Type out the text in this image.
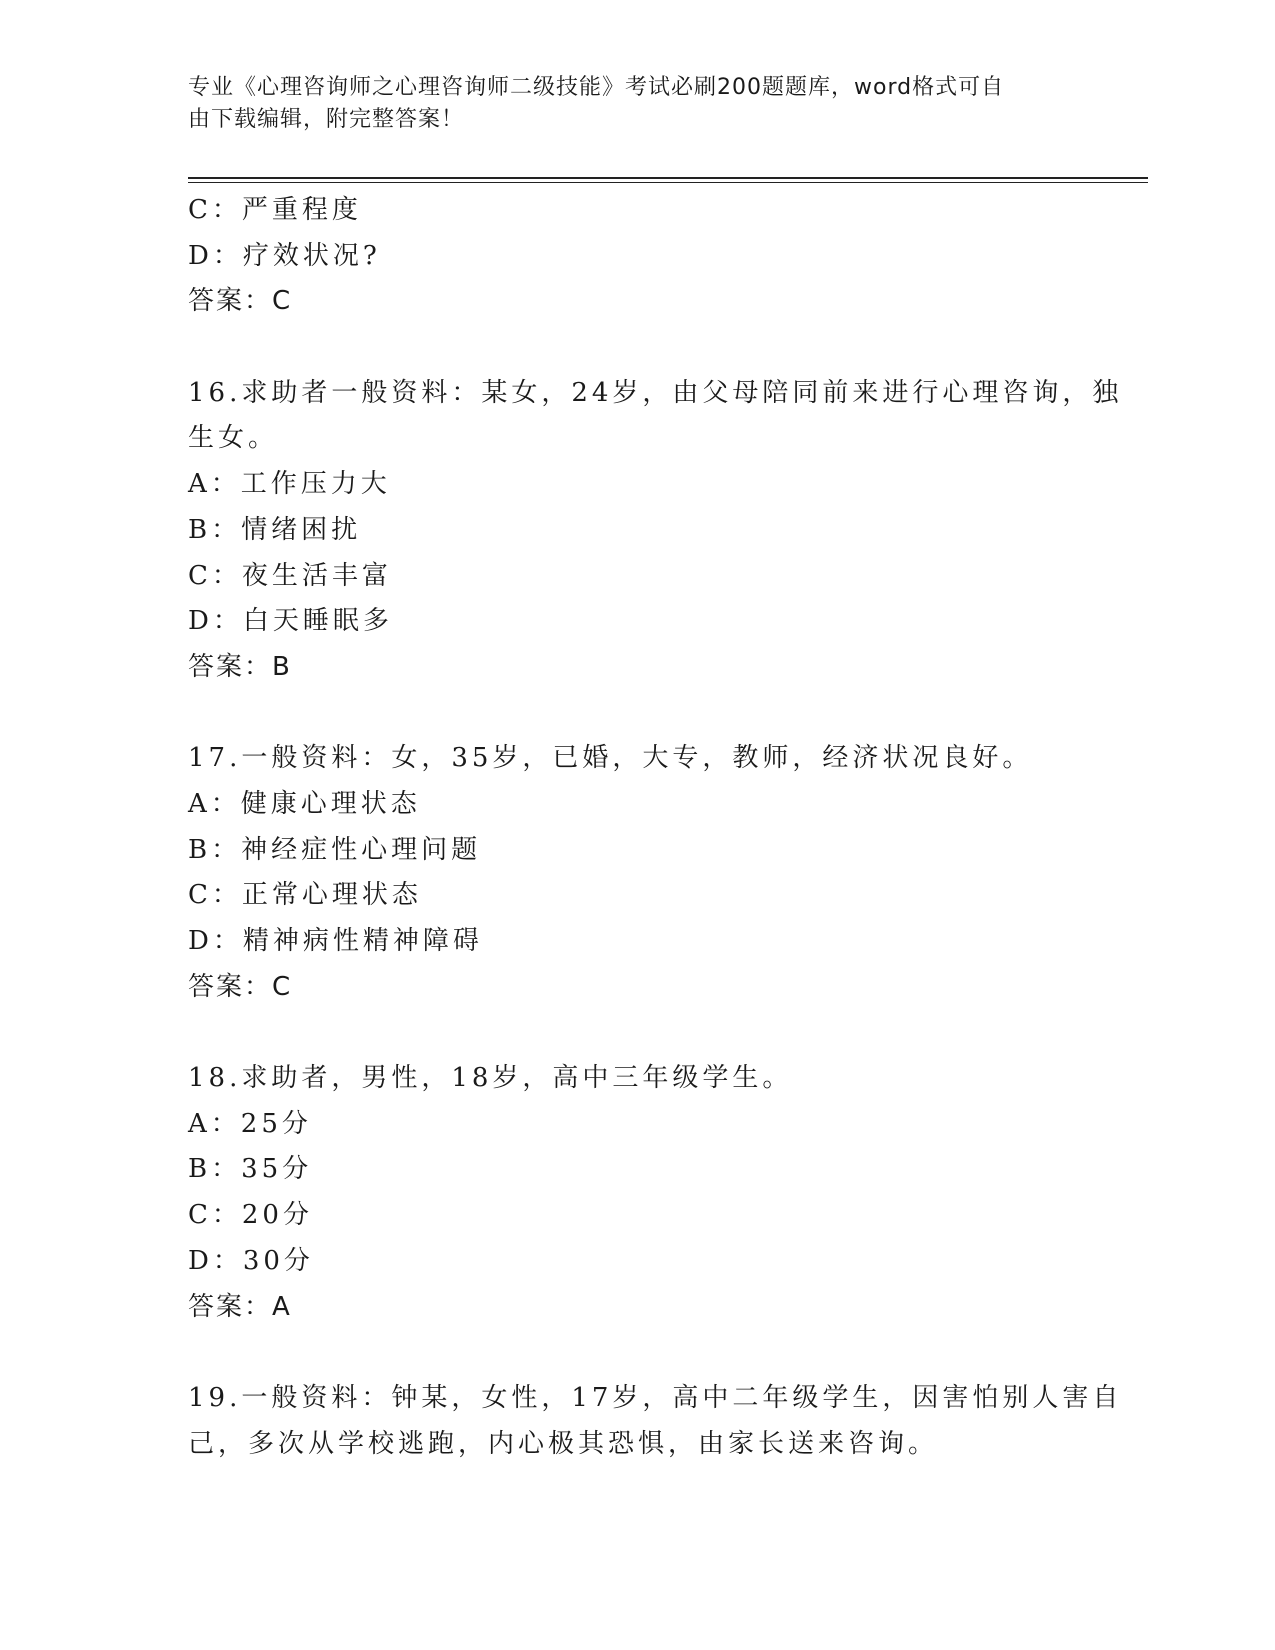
专业《心理咨询师之心理咨询师二级技能》考试必刷200题题库，word格式可自
由下载编辑，附完整答案！
C：严重程度
D：疗效状况?
答案：C
16.求助者一般资料：某女，24岁，由父母陪同前来进行心理咨询，独
生女。
A：工作压力大
B：情绪困扰
C：夜生活丰富
D：白天睡眠多
答案：B
17.一般资料：女，35岁，已婚，大专，教师，经济状况良好。
A：健康心理状态
B：神经症性心理问题
C：正常心理状态
D：精神病性精神障碍
答案：C
18.求助者，男性，18岁，高中三年级学生。
A：25分
B：35分
C：20分
D：30分
答案：A
19.一般资料：钟某，女性，17岁，高中二年级学生，因害怕别人害自
己，多次从学校逃跑，内心极其恐惧，由家长送来咨询。
